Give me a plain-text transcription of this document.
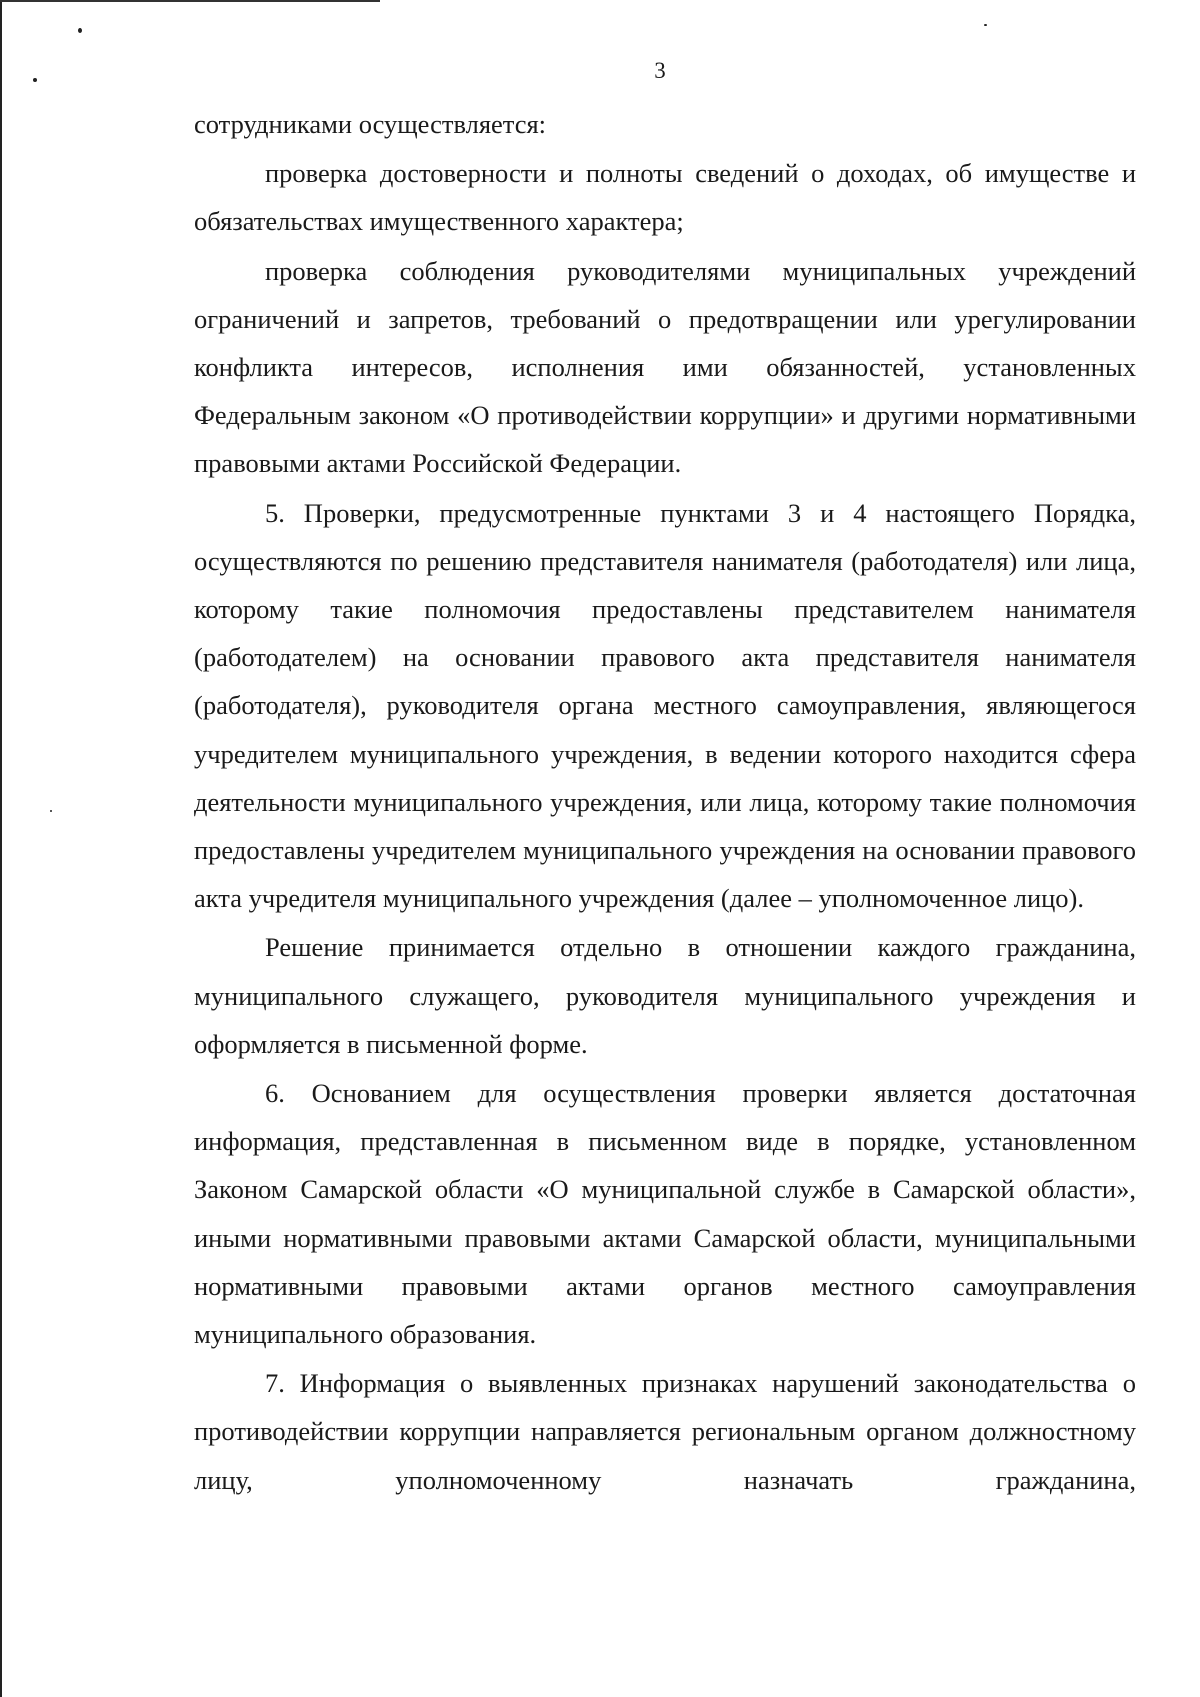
3

сотрудниками осуществляется:

проверка достоверности и полноты сведений о доходах, об имуществе и обязательствах имущественного характера;

проверка соблюдения руководителями муниципальных учреждений ограничений и запретов, требований о предотвращении или урегулировании конфликта интересов, исполнения ими обязанностей, установленных Федеральным законом «О противодействии коррупции» и другими нормативными правовыми актами Российской Федерации.

5. Проверки, предусмотренные пунктами 3 и 4 настоящего Порядка, осуществляются по решению представителя нанимателя (работодателя) или лица, которому такие полномочия предоставлены представителем нанимателя (работодателем) на основании правового акта представителя нанимателя (работодателя), руководителя органа местного самоуправления, являющегося учредителем муниципального учреждения, в ведении которого находится сфера деятельности муниципального учреждения, или лица, которому такие полномочия предоставлены учредителем муниципального учреждения на основании правового акта учредителя муниципального учреждения (далее – уполномоченное лицо).

Решение принимается отдельно в отношении каждого гражданина, муниципального служащего, руководителя муниципального учреждения и оформляется в письменной форме.

6. Основанием для осуществления проверки является достаточная информация, представленная в письменном виде в порядке, установленном Законом Самарской области «О муниципальной службе в Самарской области», иными нормативными правовыми актами Самарской области, муниципальными нормативными правовыми актами органов местного самоуправления муниципального образования.

7. Информация о выявленных признаках нарушений законодательства о противодействии коррупции направляется региональным органом должностному лицу, уполномоченному назначать гражданина,
